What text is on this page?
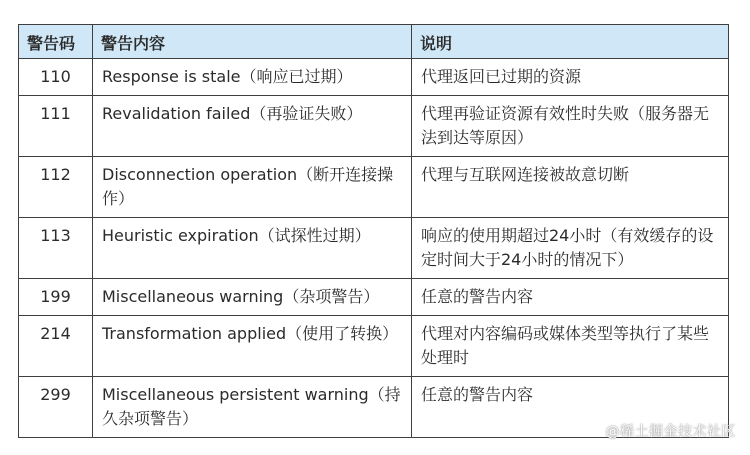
警告码	警告内容	说明
110	Response is stale（响应已过期）	代理返回已过期的资源
111	Revalidation failed（再验证失败）	代理再验证资源有效性时失败（服务器无法到达等原因）
112	Disconnection operation（断开连接操作）	代理与互联网连接被故意切断
113	Heuristic expiration（试探性过期）	响应的使用期超过24小时（有效缓存的设定时间大于24小时的情况下）
199	Miscellaneous warning（杂项警告）	任意的警告内容
214	Transformation applied（使用了转换）	代理对内容编码或媒体类型等执行了某些处理时
299	Miscellaneous persistent warning（持久杂项警告）	任意的警告内容
@稀土掘金技术社区
